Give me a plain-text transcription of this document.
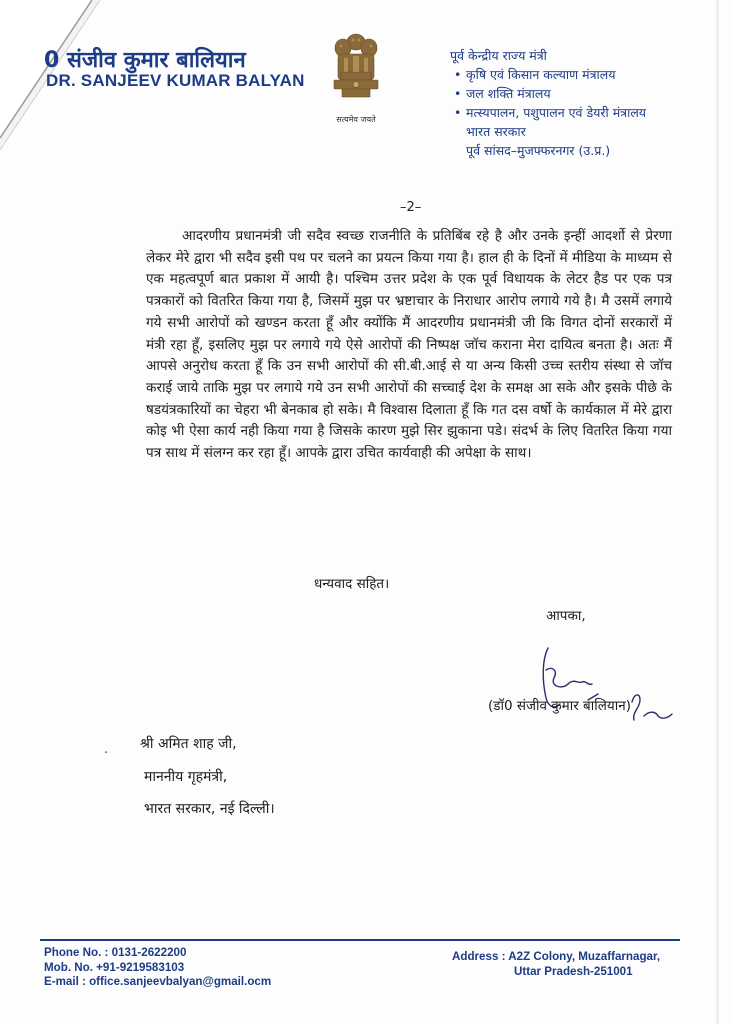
0 संजीव कुमार बालियान
DR. SANJEEV KUMAR BALYAN
सत्यमेव जयते
पूर्व केन्द्रीय राज्य मंत्री
• कृषि एवं किसान कल्याण मंत्रालय
• जल शक्ति मंत्रालय
• मत्स्यपालन, पशुपालन एवं डेयरी मंत्रालय
भारत सरकार
पूर्व सांसद–मुजफ्फरनगर (उ.प्र.)
–2–
आदरणीय प्रधानमंत्री जी सदैव स्वच्छ राजनीति के प्रतिबिंब रहे है और उनके इन्हीं आदर्शो से प्रेरणा लेकर मेरे द्वारा भी सदैव इसी पथ पर चलने का प्रयत्न किया गया है। हाल ही के दिनों में मीडिया के माध्यम से एक महत्वपूर्ण बात प्रकाश में आयी है। पश्चिम उत्तर प्रदेश के एक पूर्व विधायक के लेटर हैड पर एक पत्र पत्रकारों को वितरित किया गया है, जिसमें मुझ पर भ्रष्टाचार के निराधार आरोप लगाये गये है। मै उसमें लगाये गये सभी आरोपों को खण्डन करता हूँ और क्योंकि मैं आदरणीय प्रधानमंत्री जी कि विगत दोनों सरकारों में मंत्री रहा हूँ, इसलिए मुझ पर लगाये गये ऐसे आरोपों की निष्पक्ष जॉच कराना मेरा दायित्व बनता है। अतः मैं आपसे अनुरोध करता हूँ कि उन सभी आरोपों की सी.बी.आई से या अन्य किसी उच्च स्तरीय संस्था से जॉच कराई जाये ताकि मुझ पर लगाये गये उन सभी आरोपों की सच्चाई देश के समक्ष आ सके और इसके पीछे के षडयंत्रकारियों का चेहरा भी बेनकाब हो सके। मै विश्वास दिलाता हूँ कि गत दस वर्षो के कार्यकाल में मेरे द्वारा कोइ भी ऐसा कार्य नही किया गया है जिसके कारण मुझे सिर झुकाना पडे। संदर्भ के लिए वितरित किया गया पत्र साथ में संलग्न कर रहा हूँ। आपके द्वारा उचित कार्यवाही की अपेक्षा के साथ।
धन्यवाद सहित।
आपका,
(डॉ0 संजीव कुमार बालियान)
. श्री अमित शाह जी,
माननीय गृहमंत्री,
भारत सरकार, नई दिल्ली।
Phone No. : 0131-2622200
Mob. No. +91-9219583103
E-mail : office.sanjeevbalyan@gmail.ocm
Address : A2Z Colony, Muzaffarnagar,
Uttar Pradesh-251001
